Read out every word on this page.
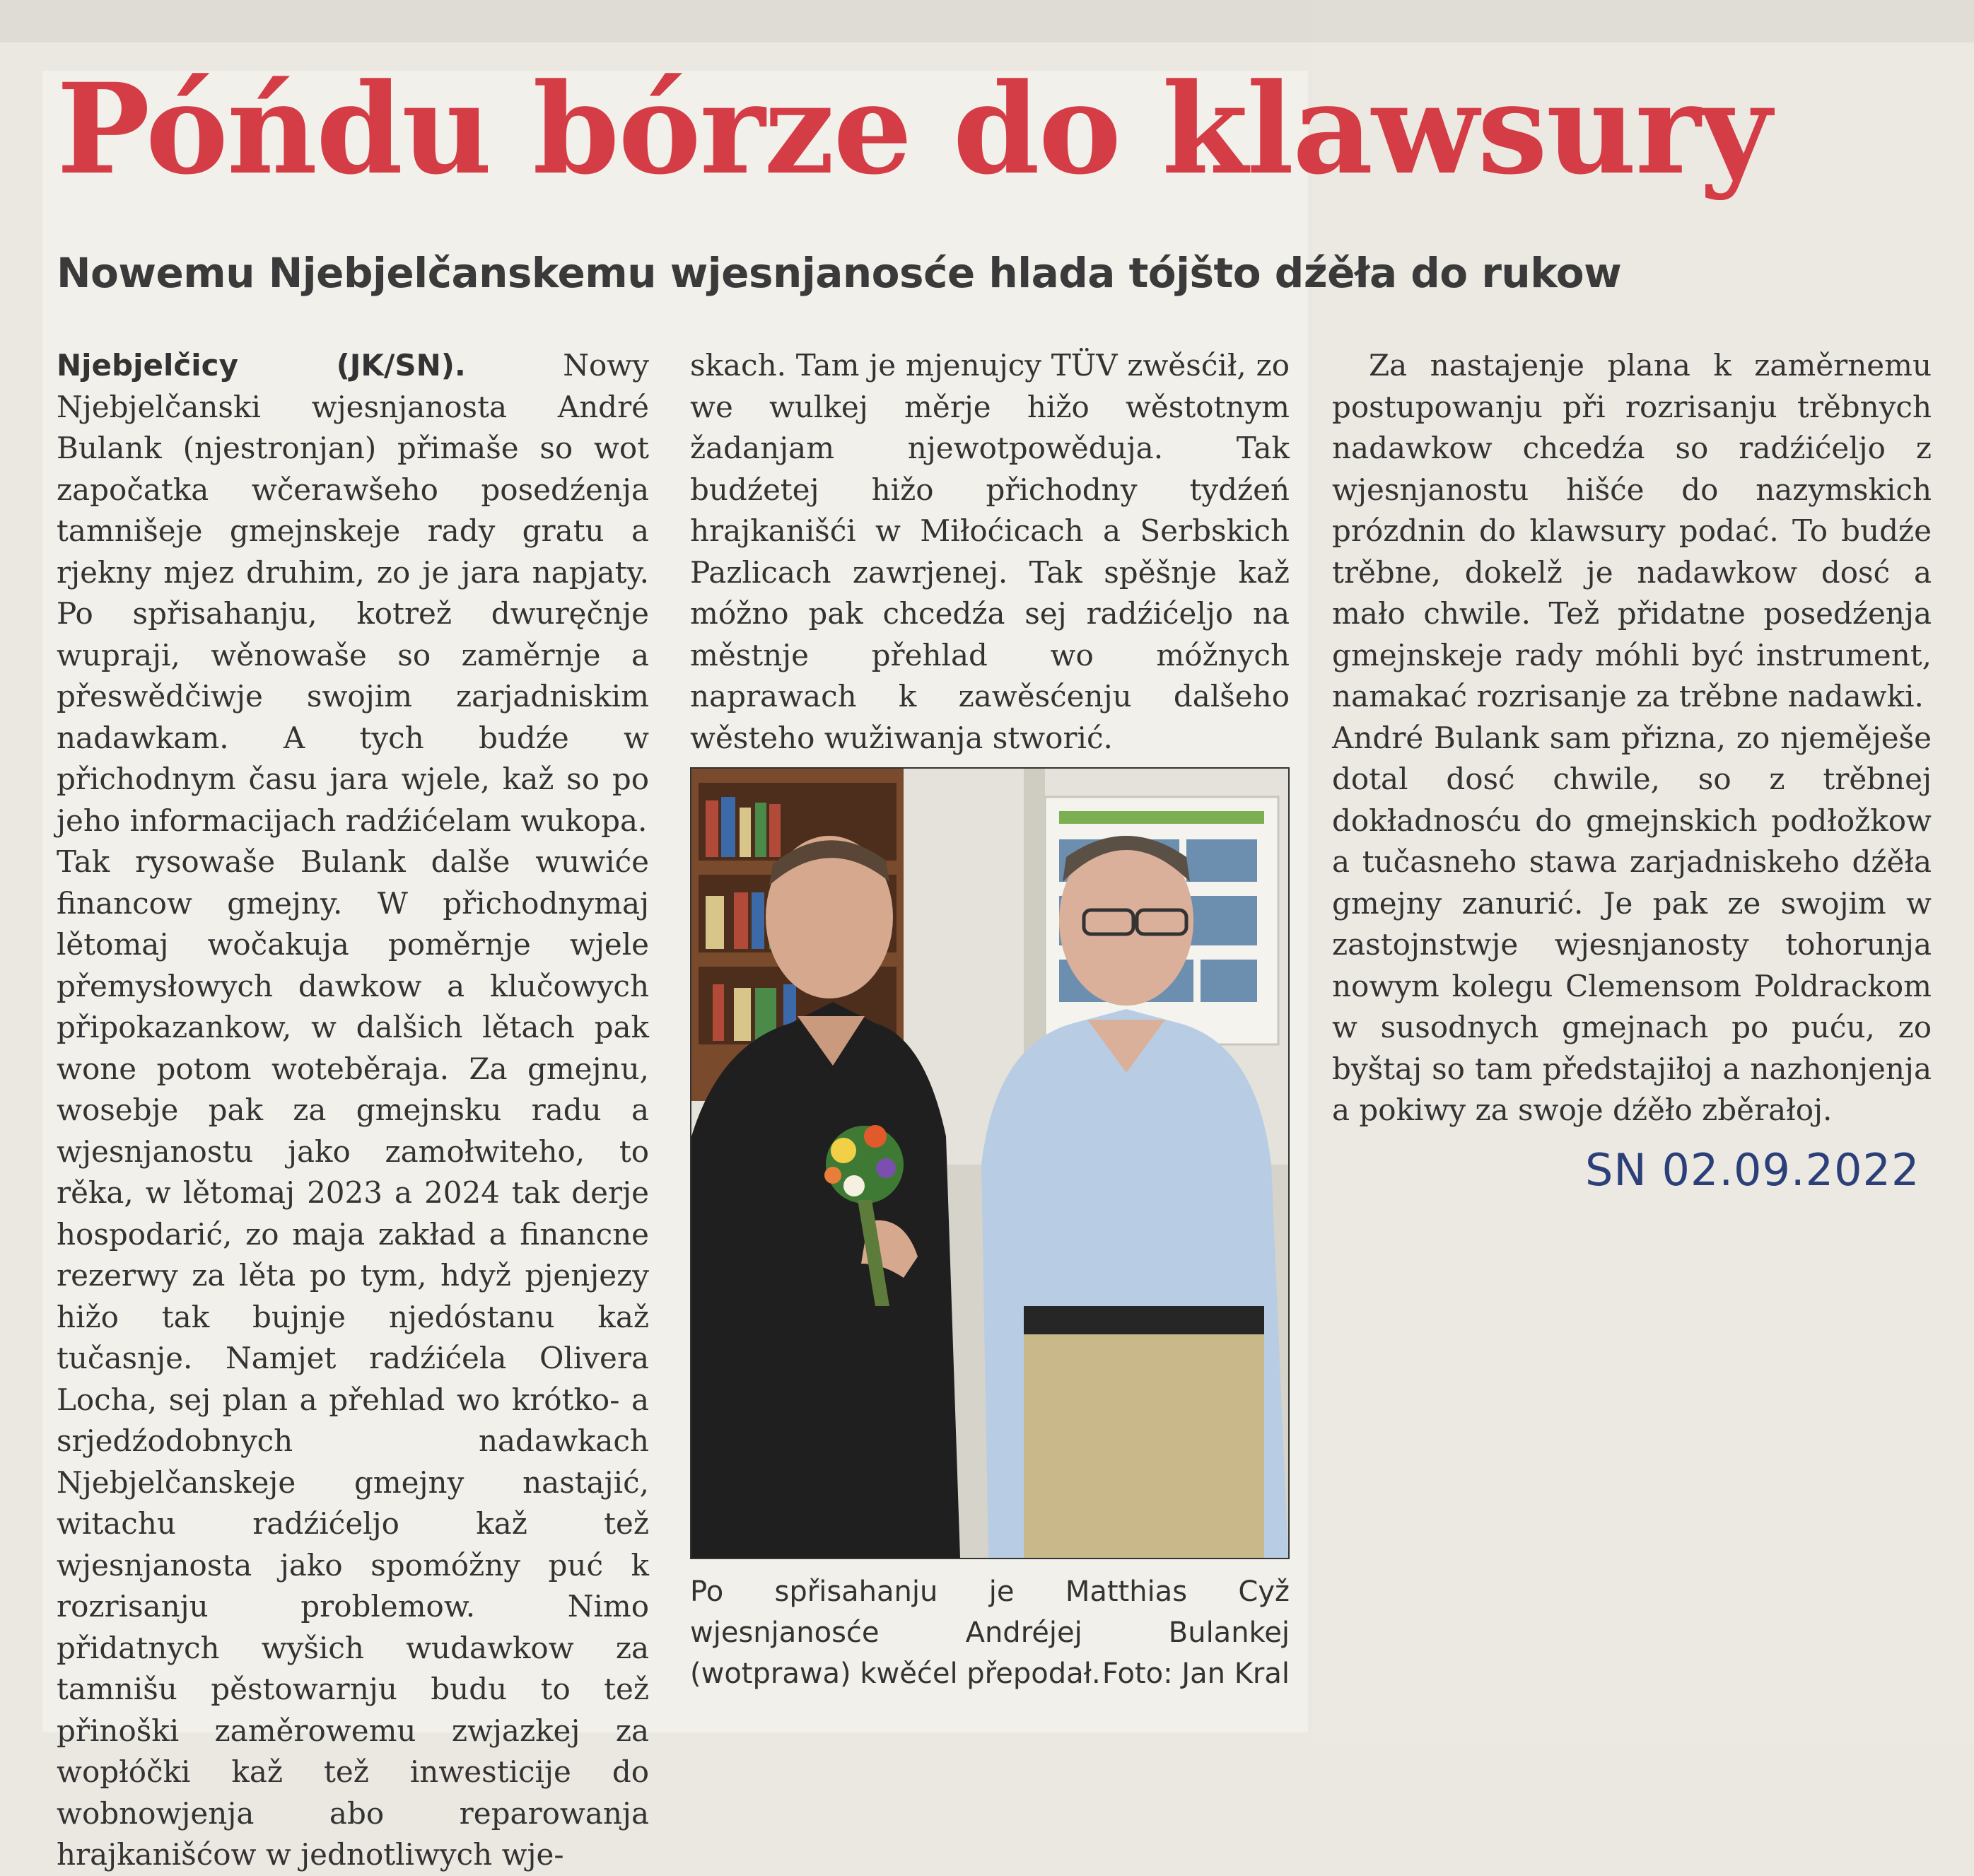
Póńdu bórze do klawsury
Nowemu Njebjelčanskemu wjesnjanosće hlada tójšto dźěła do rukow

Njebjelčicy (JK/SN). Nowy Njebjelčanski wjesnjanosta André Bulank (njestronjan) přimaše so wot započatka wčerawšeho posedźenja tamnišeje gmejnskeje rady gratu a rjekny mjez druhim, zo je jara napjaty. Po spřisahanju, kotrež dwuręčnje wupraji, wěnowaše so zaměrnje a přeswědčiwje swojim zarjadniskim nadawkam. A tych budźe w přichodnym času jara wjele, kaž so po jeho informacijach radźićelam wukopa.

Tak rysowaše Bulank dalše wuwiće financow gmejny. W přichodnymaj lětomaj wočakuja poměrnje wjele přemysłowych dawkow a klučowych připokazankow, w dalšich lětach pak wone potom woteběraja. Za gmejnu, wosebje pak za gmejnsku radu a wjesnjanostu jako zamołwiteho, to rěka, w lětomaj 2023 a 2024 tak derje hospodarić, zo maja zakład a financne rezerwy za lěta po tym, hdyž pjenjezy hižo tak bujnje njedóstanu kaž tučasnje. Namjet radźićela Olivera Locha, sej plan a přehlad wo krótko- a srjedźodobnych nadawkach Njebjelčanskeje gmejny nastajić, witachu radźićeljo kaž tež wjesnjanosta jako spomóžny puć k rozrisanju problemow. Nimo přidatnych wyšich wudawkow za tamnišu pěstowarnju budu to tež přinoški zaměrowemu zwjazkej za wopłóčki kaž tež inwesticije do wobnowjenja abo reparowanja hrajkanišćow w jednotliwych wje-

skach. Tam je mjenujcy TÜV zwěsćił, zo we wulkej měrje hižo wěstotnym žadanjam njewotpowěduja. Tak budźetej hižo přichodny tydźeń hrajkanišći w Miłoćicach a Serbskich Pazlicach zawrjenej. Tak spěšnje kaž móžno pak chcedźa sej radźićeljo na městnje přehlad wo móžnych naprawach k zawěsćenju dalšeho wěsteho wužiwanja stworić.

Po spřisahanju je Matthias Cyž wjesnjanosće Andréjej Bulankej (wotprawa) kwěćel přepodał. Foto: Jan Kral

Za nastajenje plana k zaměrnemu postupowanju při rozrisanju trěbnych nadawkow chcedźa so radźićeljo z wjesnjanostu hišće do nazymskich prózdnin do klawsury podać. To budźe trěbne, dokelž je nadawkow dosć a mało chwile. Tež přidatne posedźenja gmejnskeje rady móhli być instrument, namakać rozrisanje za trěbne nadawki.

André Bulank sam přizna, zo njeměješe dotal dosć chwile, so z trěbnej dokładnosću do gmejnskich podłožkow a tučasneho stawa zarjadniskeho dźěła gmejny zanurić. Je pak ze swojim w zastojnstwje wjesnjanosty tohorunja nowym kolegu Clemensom Poldrackom w susodnych gmejnach po puću, zo byštaj so tam předstajiłoj a nazhonjenja a pokiwy za swoje dźěło zběrałoj.

SN 02.09.2022
